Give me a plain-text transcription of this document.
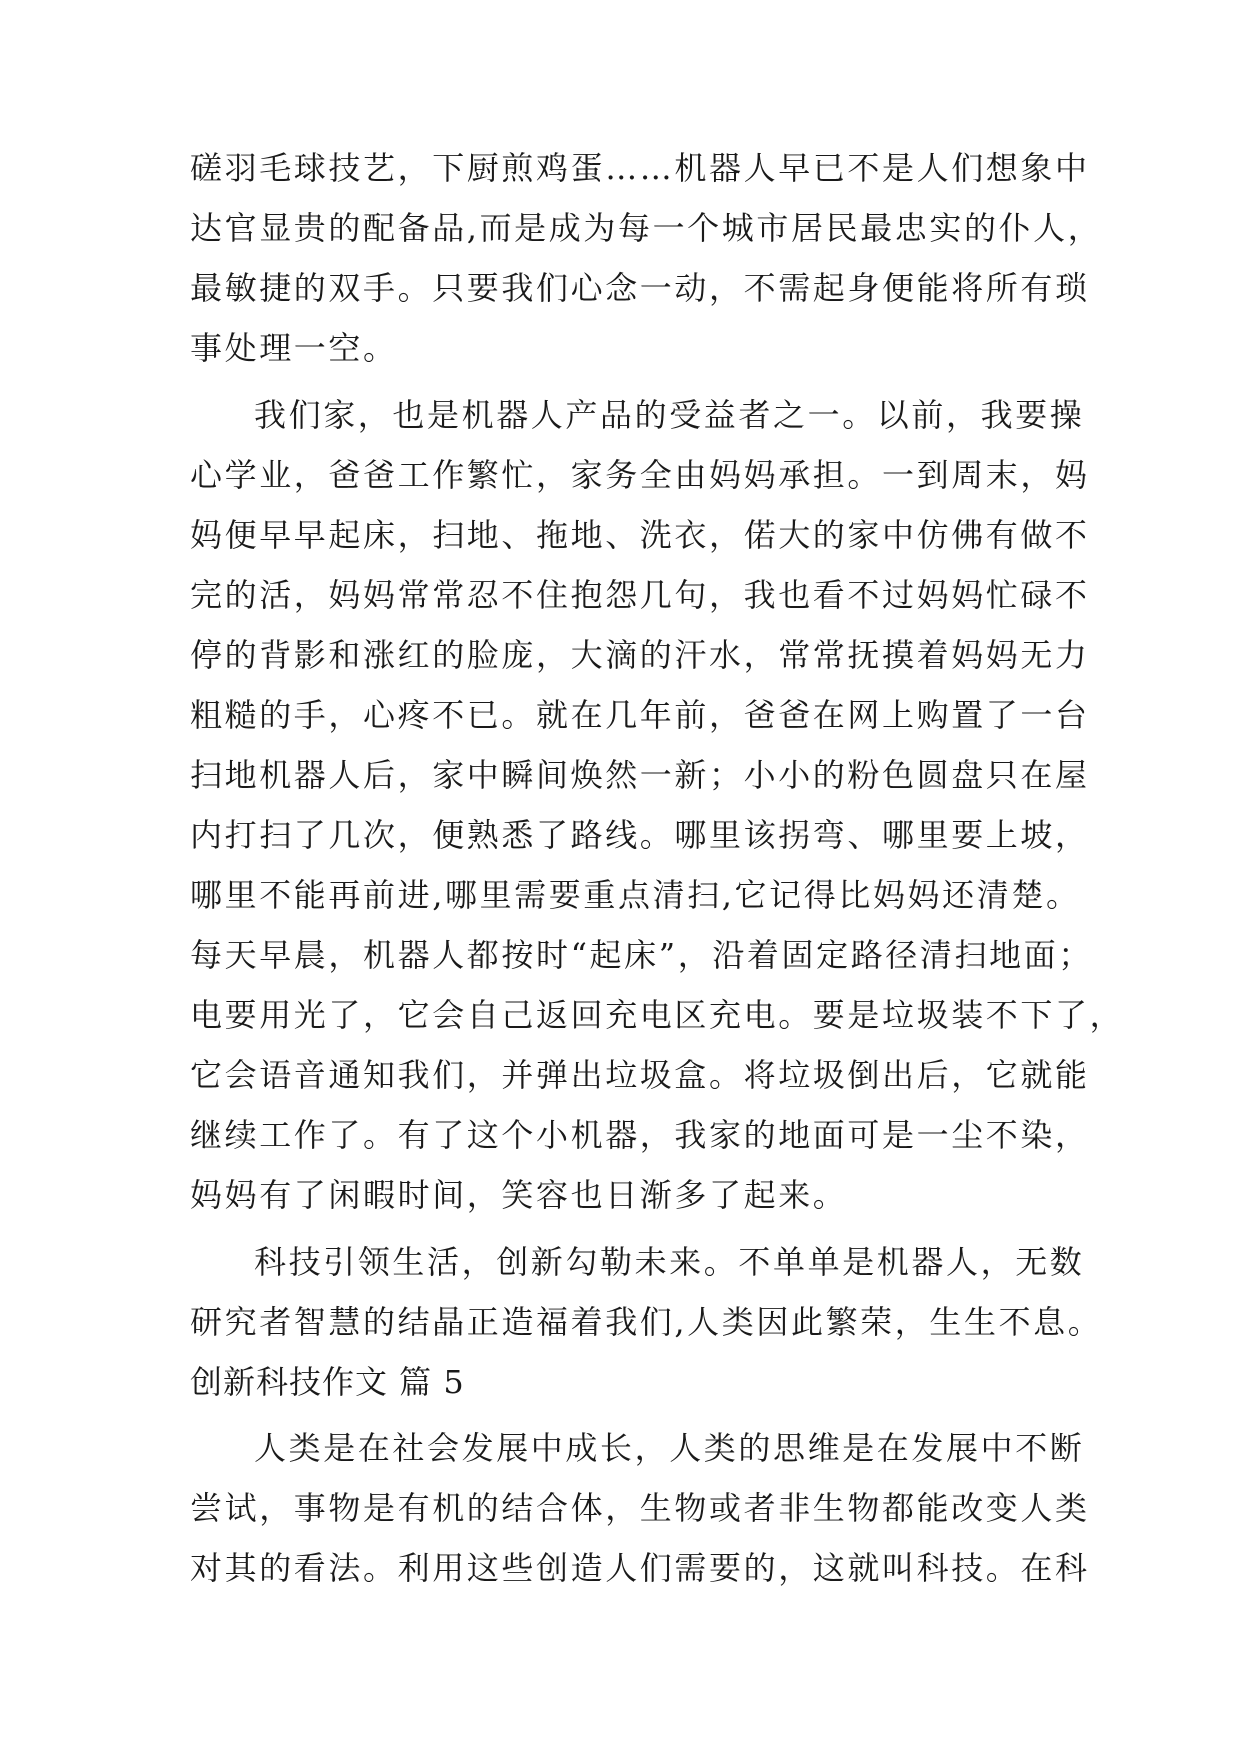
磋羽毛球技艺，下厨煎鸡蛋……机器人早已不是人们想象中
达官显贵的配备品,而是成为每一个城市居民最忠实的仆人，
最敏捷的双手。只要我们心念一动，不需起身便能将所有琐
事处理一空。
我们家，也是机器人产品的受益者之一。以前，我要操
心学业，爸爸工作繁忙，家务全由妈妈承担。一到周末，妈
妈便早早起床，扫地、拖地、洗衣，偌大的家中仿佛有做不
完的活，妈妈常常忍不住抱怨几句，我也看不过妈妈忙碌不
停的背影和涨红的脸庞，大滴的汗水，常常抚摸着妈妈无力
粗糙的手，心疼不已。就在几年前，爸爸在网上购置了一台
扫地机器人后，家中瞬间焕然一新；小小的粉色圆盘只在屋
内打扫了几次，便熟悉了路线。哪里该拐弯、哪里要上坡，
哪里不能再前进,哪里需要重点清扫,它记得比妈妈还清楚。
每天早晨，机器人都按时“起床”，沿着固定路径清扫地面；
电要用光了，它会自己返回充电区充电。要是垃圾装不下了，
它会语音通知我们，并弹出垃圾盒。将垃圾倒出后，它就能
继续工作了。有了这个小机器，我家的地面可是一尘不染，
妈妈有了闲暇时间，笑容也日渐多了起来。
科技引领生活，创新勾勒未来。不单单是机器人，无数
研究者智慧的结晶正造福着我们,人类因此繁荣，生生不息。
创新科技作文 篇 5
人类是在社会发展中成长，人类的思维是在发展中不断
尝试，事物是有机的结合体，生物或者非生物都能改变人类
对其的看法。利用这些创造人们需要的，这就叫科技。在科
